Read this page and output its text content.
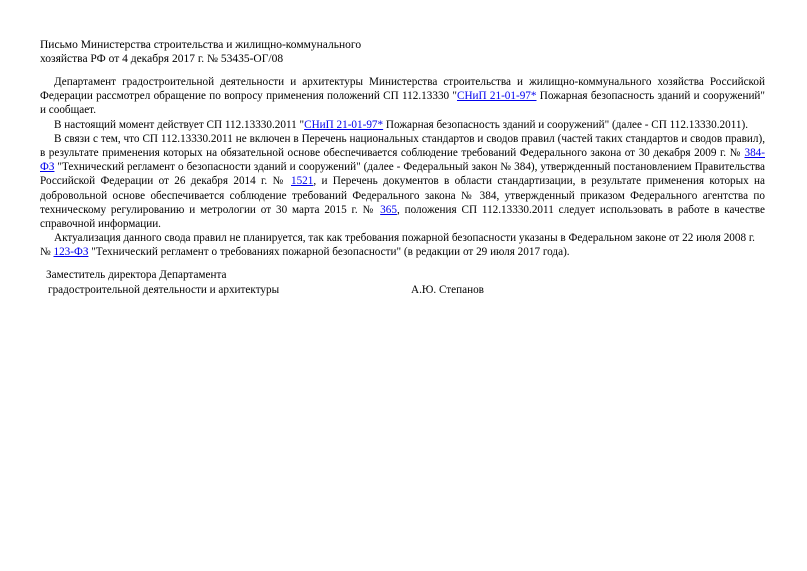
Письмо Министерства строительства и жилищно-коммунального
хозяйства РФ от 4 декабря 2017 г. № 53435-ОГ/08

Департамент градостроительной деятельности и архитектуры Министерства строительства и жилищно-коммунального хозяйства Российской Федерации рассмотрел обращение по вопросу применения положений СП 112.13330 "СНиП 21-01-97* Пожарная безопасность зданий и сооружений" и сообщает.

В настоящий момент действует СП 112.13330.2011 "СНиП 21-01-97* Пожарная безопасность зданий и сооружений" (далее - СП 112.13330.2011).

В связи с тем, что СП 112.13330.2011 не включен в Перечень национальных стандартов и сводов правил (частей таких стандартов и сводов правил), в результате применения которых на обязательной основе обеспечивается соблюдение требований Федерального закона от 30 декабря 2009 г. № 384-ФЗ "Технический регламент о безопасности зданий и сооружений" (далее - Федеральный закон № 384), утвержденный постановлением Правительства Российской Федерации от 26 декабря 2014 г. № 1521, и Перечень документов в области стандартизации, в результате применения которых на добровольной основе обеспечивается соблюдение требований Федерального закона № 384, утвержденный приказом Федерального агентства по техническому регулированию и метрологии от 30 марта 2015 г. № 365, положения СП 112.13330.2011 следует использовать в работе в качестве справочной информации.

Актуализация данного свода правил не планируется, так как требования пожарной безопасности указаны в Федеральном законе от 22 июля 2008 г. № 123-ФЗ "Технический регламент о требованиях пожарной безопасности" (в редакции от 29 июля 2017 года).

Заместитель директора Департамента
градостроительной деятельности и архитектуры	А.Ю. Степанов
